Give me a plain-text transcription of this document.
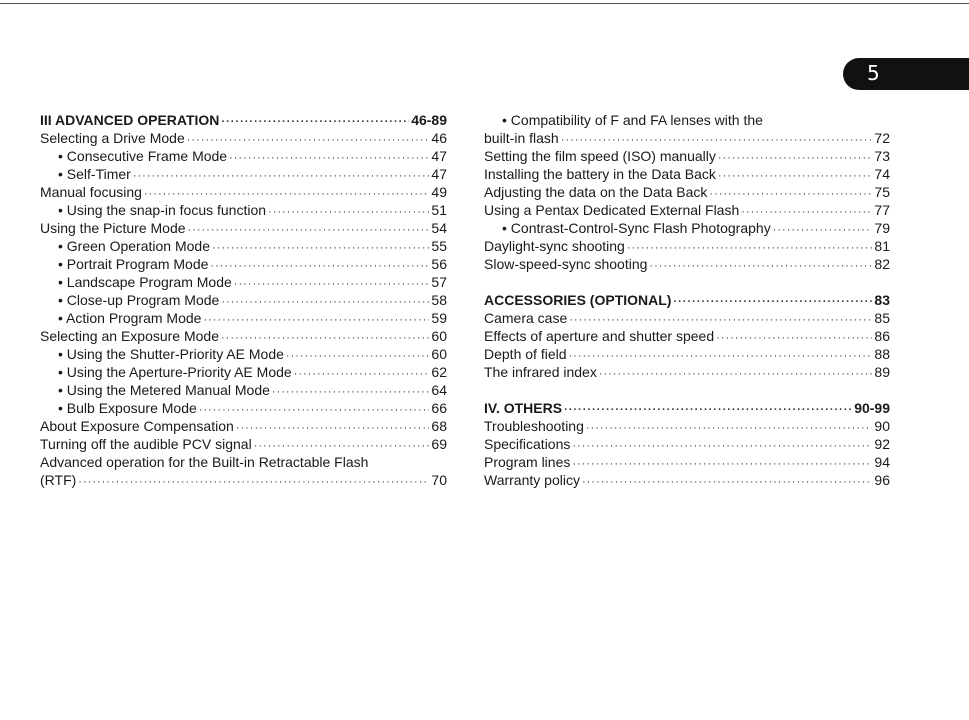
5
III ADVANCED OPERATION ·····	46-89
Selecting a Drive Mode ·····	46
• Consecutive Frame Mode ·····	47
• Self-Timer ·····	47
Manual focusing ·····	49
• Using the snap-in focus function ·····	51
Using the Picture Mode ·····	54
• Green Operation Mode ·····	55
• Portrait Program Mode ·····	56
• Landscape Program Mode ·····	57
• Close-up Program Mode ·····	58
• Action Program Mode ·····	59
Selecting an Exposure Mode ·····	60
• Using the Shutter-Priority AE Mode ·····	60
• Using the Aperture-Priority AE Mode ·····	62
• Using the Metered Manual Mode ·····	64
• Bulb Exposure Mode ·····	66
About Exposure Compensation ·····	68
Turning off the audible PCV signal ·····	69
Advanced operation for the Built-in Retractable Flash
(RTF) ·····	70
• Compatibility of F and FA lenses with the
built-in flash ·····	72
Setting the film speed (ISO) manually ·····	73
Installing the battery in the Data Back ·····	74
Adjusting the data on the Data Back ·····	75
Using a Pentax Dedicated External Flash ·····	77
• Contrast-Control-Sync Flash Photography ·····	79
Daylight-sync shooting ·····	81
Slow-speed-sync shooting ·····	82
ACCESSORIES (OPTIONAL) ·····	83
Camera case ·····	85
Effects of aperture and shutter speed ·····	86
Depth of field ·····	88
The infrared index ·····	89
IV. OTHERS ·····	90-99
Troubleshooting ·····	90
Specifications ·····	92
Program lines ·····	94
Warranty policy ·····	96
